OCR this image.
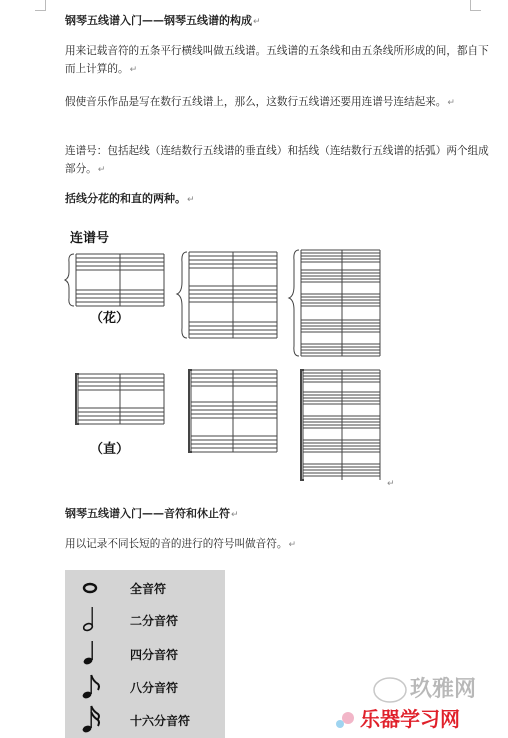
钢琴五线谱入门——钢琴五线谱的构成↵
用来记载音符的五条平行横线叫做五线谱。五线谱的五条线和由五条线所形成的间，都自下而上计算的。↵
假使音乐作品是写在数行五线谱上，那么，这数行五线谱还要用连谱号连结起来。↵
连谱号：包括起线（连结数行五线谱的垂直线）和括线（连结数行五线谱的括弧）两个组成部分。↵
括线分花的和直的两种。↵
连谱号
（花）
（直）
↵
钢琴五线谱入门——音符和休止符↵
用以记录不同长短的音的进行的符号叫做音符。↵
全音符
二分音符
四分音符
八分音符
十六分音符
玖雅网
乐器学习网
